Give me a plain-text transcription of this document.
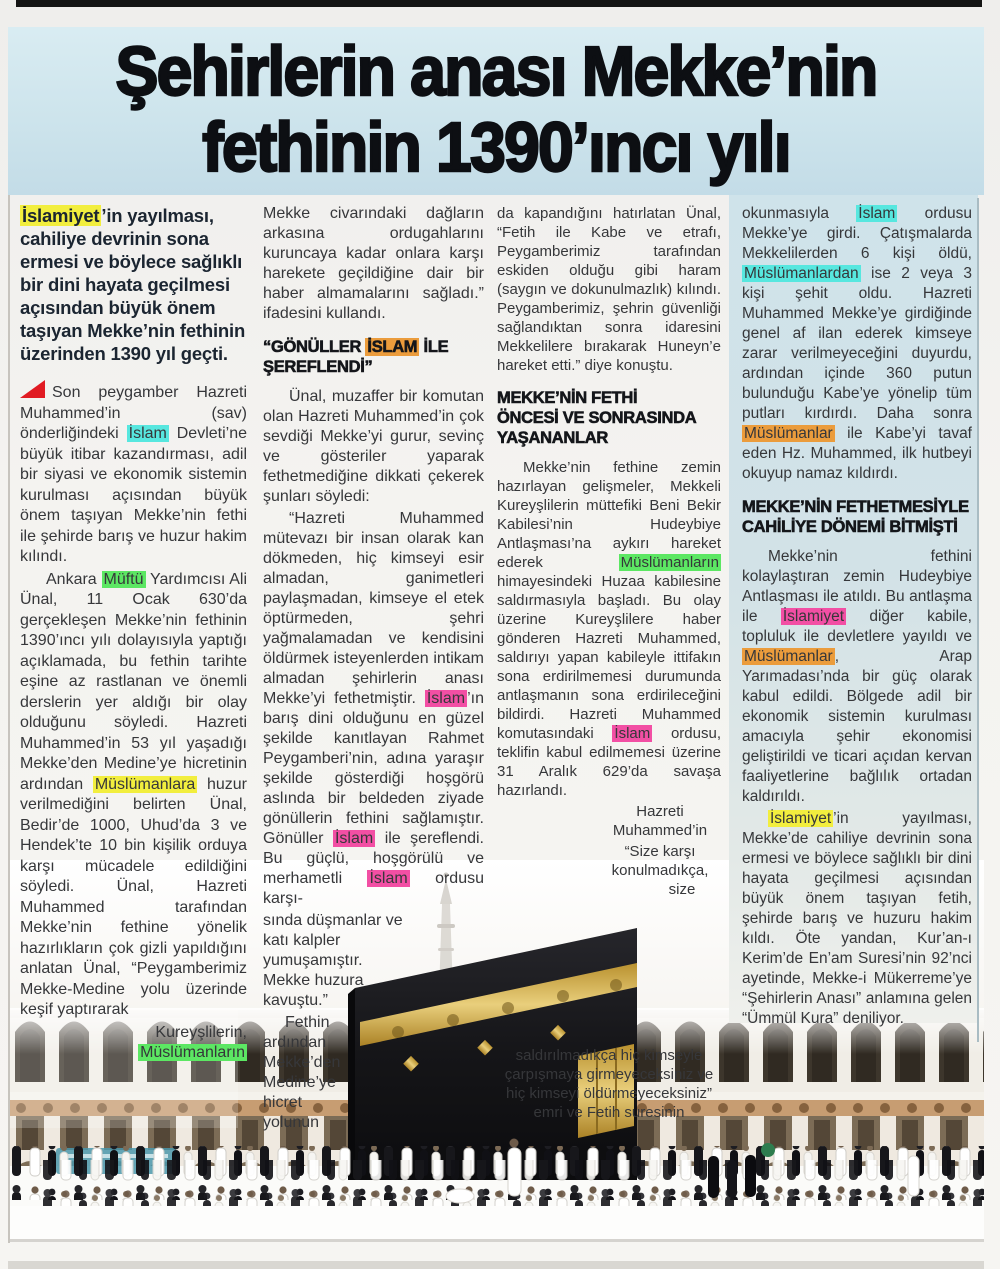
Şehirlerin anası Mekke’nin
fethinin 1390’ıncı yılı

İslamiyet ’in yayılması, cahiliye devrinin sona ermesi ve böylece sağlıklı bir dini hayata geçilmesi açısından büyük önem taşıyan Mekke’nin fethinin üzerinden 1390 yıl geçti.

Son peygamber Hazreti Muhammed’in (sav) önderliğindeki İslam Devleti’ne büyük itibar kazandırması, adil bir siyasi ve ekonomik sistemin kurulması açısından büyük önem taşıyan Mekke’nin fethi ile şehirde barış ve huzur hakim kılındı.

Ankara Müftü Yardımcısı Ali Ünal, 11 Ocak 630’da gerçekleşen Mekke’nin fethinin 1390’ıncı yılı dolayısıyla yaptığı açıklamada, bu fethin tarihte eşine az rastlanan ve önemli derslerin yer aldığı bir olay olduğunu söyledi. Hazreti Muhammed’in 53 yıl yaşadığı Mekke’den Medine’ye hicretinin ardından Müslümanlara huzur verilmediğini belirten Ünal, Bedir’de 1000, Uhud’da 3 ve Hendek’te 10 bin kişilik orduya karşı mücadele edildiğini söyledi. Ünal, Hazreti Muhammed tarafından Mekke’nin fethine yönelik hazırlıkların çok gizli yapıldığını anlatan Ünal, “Peygamberimiz Mekke-Medine yolu üzerinde keşif yaptırarak

Kureyşlilerin, Müslümanların

Mekke civarındaki dağların arkasına ordugahlarını kuruncaya kadar onlara karşı harekete geçildiğine dair bir haber almamalarını sağladı.” ifadesini kullandı.

“GÖNÜLLER İSLAM İLE ŞEREFLENDİ”

Ünal, muzaffer bir komutan olan Hazreti Muhammed’in çok sevdiği Mekke’yi gurur, sevinç ve gösteriler yaparak fethetmediğine dikkati çekerek şunları söyledi:

“Hazreti Muhammed mütevazı bir insan olarak kan dökmeden, hiç kimseyi esir almadan, ganimetleri paylaşmadan, kimseye el etek öptürmeden, şehri yağmalamadan ve kendisini öldürmek isteyenlerden intikam almadan şehirlerin anası Mekke’yi fethetmiştir. İslam ’ın barış dini olduğunu en güzel şekilde kanıtlayan Rahmet Peygamberi’nin, adına yaraşır şekilde gösterdiği hoşgörü aslında bir beldeden ziyade gönüllerin fethini sağlamıştır. Gönüller İslam ile şereflendi. Bu güçlü, hoşgörülü ve merhametli İslam ordusu karşı-

sında düşmanlar ve katı kalpler yumuşamıştır. Mekke huzura kavuştu.”

Fethin ardından Mekke’den Medine’ye hicret yolunun

da kapandığını hatırlatan Ünal, “Fetih ile Kabe ve etrafı, Peygamberimiz tarafından eskiden olduğu gibi haram (saygın ve dokunulmazlık) kılındı. Peygamberimiz, şehrin güvenliği sağlandıktan sonra idaresini Mekkelilere bırakarak Huneyn’e hareket etti.” diye konuştu.

MEKKE’NİN FETHİ ÖNCESİ VE SONRASINDA YAŞANANLAR

Mekke’nin fethine zemin hazırlayan gelişmeler, Mekkeli Kureyşlilerin müttefiki Beni Bekir Kabilesi’nin Hudeybiye Antlaşması’na aykırı hareket ederek Müslümanların himayesindeki Huzaa kabilesine saldırmasıyla başladı. Bu olay üzerine Kureyşlilere haber gönderen Hazreti Muhammed, saldırıyı yapan kabileyle ittifakın sona erdirilmemesi durumunda antlaşmanın sona erdirileceğini bildirdi. Hazreti Muhammed komutasındaki İslam ordusu, teklifin kabul edilmemesi üzerine 31 Aralık 629’da savaşa hazırlandı.

Hazreti Muhammed’in

“Size karşı konulmadıkça, size saldırılmadıkça hiç kimseyle çarpışmaya girmeyeceksiniz ve hiç kimseyi öldürmeyeceksiniz” emri ve Fetih suresinin

okunmasıyla İslam ordusu Mekke’ye girdi. Çatışmalarda Mekkelilerden 6 kişi öldü, Müslümanlardan ise 2 veya 3 kişi şehit oldu. Hazreti Muhammed Mekke’ye girdiğinde genel af ilan ederek kimseye zarar verilmeyeceğini duyurdu, ardından içinde 360 putun bulunduğu Kabe’ye yönelip tüm putları kırdırdı. Daha sonra Müslümanlar ile Kabe’yi tavaf eden Hz. Muhammed, ilk hutbeyi okuyup namaz kıldırdı.

MEKKE’NİN FETHETMESİYLE CAHİLİYE DÖNEMİ BİTMİŞTİ

Mekke’nin fethini kolaylaştıran zemin Hudeybiye Antlaşması ile atıldı. Bu antlaşma ile İslamiyet diğer kabile, topluluk ile devletlere yayıldı ve Müslümanlar , Arap Yarımadası’nda bir güç olarak kabul edildi. Bölgede adil bir ekonomik sistemin kurulması amacıyla şehir ekonomisi geliştirildi ve ticari açıdan kervan faaliyetlerine bağlılık ortadan kaldırıldı.

İslamiyet ’in yayılması, Mekke’de cahiliye devrinin sona ermesi ve böylece sağlıklı bir dini hayata geçilmesi açısından büyük önem taşıyan fetih, şehirde barış ve huzuru hakim kıldı. Öte yandan, Kur’an-ı Kerim’de En’am Suresi’nin 92’nci ayetinde, Mekke-i Mükerreme’ye “Şehirlerin Anası” anlamına gelen “Ümmül Kura” deniliyor.
